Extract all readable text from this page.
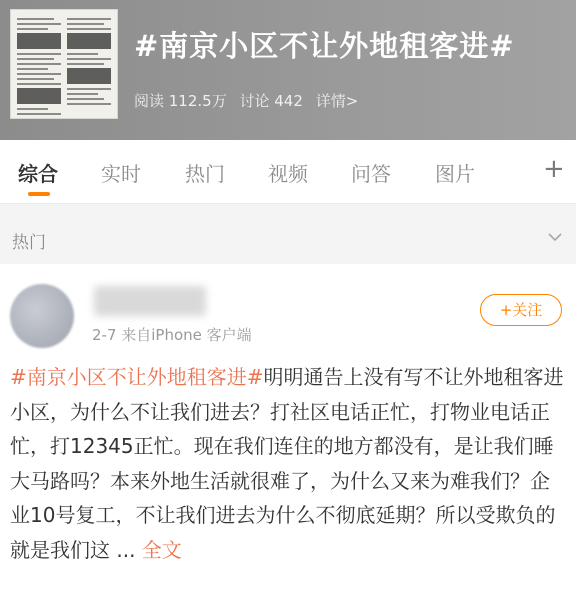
#南京小区不让外地租客进#
阅读 112.5万 讨论 442 详情>
综合 实时 热门 视频 问答 图片	+
热门
2-7 来自iPhone 客户端
+关注
#南京小区不让外地租客进#明明通告上没有写不让外地租客进小区，为什么不让我们进去？打社区电话正忙，打物业电话正忙，打12345正忙。现在我们连住的地方都没有，是让我们睡大马路吗？本来外地生活就很难了，为什么又来为难我们？企业10号复工，不让我们进去为什么不彻底延期？所以受欺负的就是我们这 ... 全文
